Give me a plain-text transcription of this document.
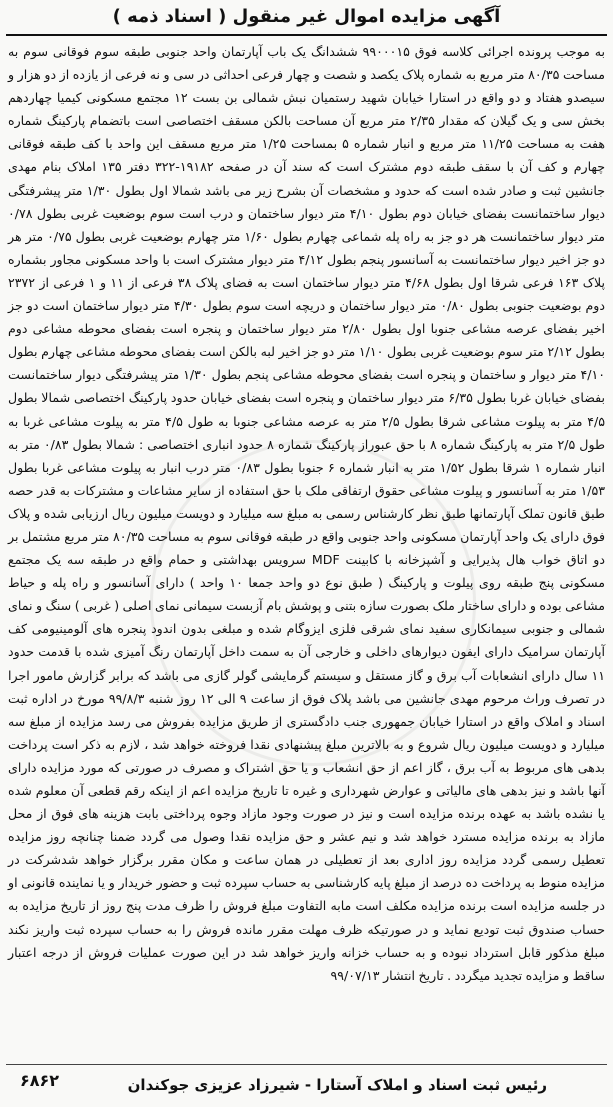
آگهی مزایده اموال غیر منقول ( اسناد ذمه )

به موجب پرونده اجرائی کلاسه فوق ۹۹۰۰۰۱۵ ششدانگ یک باب آپارتمان واحد جنوبی طبقه سوم فوقانی سوم به مساحت ۸۰/۳۵ متر مربع به شماره پلاک یکصد و شصت و چهار فرعی احداثی در سی و نه فرعی از یازده از دو هزار و سیصدو هفتاد و دو واقع در استارا خیابان شهید رستمیان نبش شمالی بن بست ۱۲ مجتمع مسکونی کیمیا چهاردهم بخش سی و یک گیلان که مقدار ۲/۳۵ متر مربع آن مساحت بالکن مسقف اختصاصی است باتضمام پارکینگ شماره هفت به مساحت ۱۱/۲۵ متر مربع و انبار شماره ۵ بمساحت ۱/۲۵ متر مربع مسقف این واحد با کف طبقه فوقانی چهارم و کف آن با سقف طبقه دوم مشترک است که سند آن در صفحه ۱۹۱۸۲-۳۲۲ دفتر ۱۳۵ املاک بنام مهدی جانشین ثبت و صادر شده است که حدود و مشخصات آن بشرح زیر می باشد شمالا اول بطول ۱/۳۰ متر پیشرفتگی دیوار ساختمانست بفضای خیابان دوم بطول ۴/۱۰ متر دیوار ساختمان و درب است سوم بوضعیت غربی بطول ۰/۷۸ متر دیوار ساختمانست هر دو جز به راه پله شماعی چهارم بطول ۱/۶۰ متر چهارم بوضعیت غربی بطول ۰/۷۵ متر هر دو جز اخیر دیوار ساختمانست به آسانسور پنجم بطول ۴/۱۲ متر دیوار مشترک است با واحد مسکونی مجاور بشماره پلاک ۱۶۳ فرعی شرقا اول بطول ۴/۶۸ متر دیوار ساختمان است به فضای پلاک ۳۸ فرعی از ۱۱ و ۱ فرعی از ۲۳۷۲ دوم بوضعیت جنوبی بطول ۰/۸۰ متر دیوار ساختمان و دریچه است سوم بطول ۴/۳۰ متر دیوار ساختمان است دو جز اخیر بفضای عرصه مشاعی جنوبا اول بطول ۲/۸۰ متر دیوار ساختمان و پنجره است بفضای محوطه مشاعی دوم بطول ۲/۱۲ متر سوم بوضعیت غربی بطول ۱/۱۰ متر دو جز اخیر لبه بالکن است بفضای محوطه مشاعی چهارم بطول ۴/۱۰ متر دیوار و ساختمان و پنجره است بفضای محوطه مشاعی پنجم بطول ۱/۳۰ متر پیشرفتگی دیوار ساختمانست بفضای خیابان غربا بطول ۶/۳۵ متر دیوار ساختمان و پنجره است بفضای خیابان حدود پارکینگ اختصاصی شمالا بطول ۴/۵ متر به پیلوت مشاعی شرقا بطول ۲/۵ متر به عرصه مشاعی جنوبا به طول ۴/۵ متر به پیلوت مشاعی غربا به طول ۲/۵ متر به پارکینگ شماره ۸ با حق عبوراز پارکینگ شماره ۸ حدود انباری اختصاصی : شمالا بطول ۰/۸۳ متر به انبار شماره ۱ شرقا بطول ۱/۵۲ متر به انبار شماره ۶ جنوبا بطول ۰/۸۳ متر درب انبار به پیلوت مشاعی غربا بطول ۱/۵۳ متر به آسانسور و پیلوت مشاعی حقوق ارتفاقی ملک با حق استفاده از سایر مشاعات و مشترکات به قدر حصه طبق قانون تملک آپارتمانها طبق نظر کارشناس رسمی به مبلغ سه میلیارد و دویست میلیون ریال ارزیابی شده و پلاک فوق دارای یک واحد آپارتمان مسکونی واحد جنوبی واقع در طبقه فوقانی سوم به مساحت ۸۰/۳۵ متر مربع مشتمل بر دو اتاق خواب هال پذیرایی و آشپزخانه با کابینت MDF سرویس بهداشتی و حمام واقع در طبقه سه یک مجتمع مسکونی پنج طبقه روی پیلوت و پارکینگ ( طبق نوع دو واحد جمعا ۱۰ واحد ) دارای آسانسور و راه پله و حیاط مشاعی بوده و دارای ساختار ملک بصورت سازه بتنی و پوشش بام آزبست سیمانی نمای اصلی ( غربی ) سنگ و نمای شمالی و جنوبی سیمانکاری سفید نمای شرقی فلزی ایزوگام شده و مبلغی بدون اندود پنجره های آلومینیومی کف آپارتمان سرامیک دارای ایفون دیوارهای داخلی و خارجی آن به سمت داخل آپارتمان رنگ آمیزی شده با قدمت حدود ۱۱ سال دارای انشعابات آب برق و گاز مستقل و سیستم گرمایشی گولر گازی می باشد که برابر گزارش مامور اجرا در تصرف وراث مرحوم مهدی جانشین می باشد پلاک فوق از ساعت ۹ الی ۱۲ روز شنبه ۹۹/۸/۳ مورخ در اداره ثبت اسناد و املاک واقع در استارا خیابان جمهوری جنب دادگستری از طریق مزایده بفروش می رسد مزایده از مبلغ سه میلیارد و دویست میلیون ریال شروع و به بالاترین مبلغ پیشنهادی نقدا فروخته خواهد شد ، لازم به ذکر است پرداخت بدهی های مربوط به آب برق ، گاز اعم از حق انشعاب و یا حق اشتراک و مصرف در صورتی که مورد مزایده دارای آنها باشد و نیز بدهی های مالیاتی و عوارض شهرداری و غیره تا تاریخ مزایده اعم از اینکه رقم قطعی آن معلوم شده یا نشده باشد به عهده برنده مزایده است و نیز در صورت وجود مازاد وجوه پرداختی بابت هزینه های فوق از محل مازاد به برنده مزایده مسترد خواهد شد و نیم عشر و حق مزایده نقدا وصول می گردد ضمنا چنانچه روز مزایده تعطیل رسمی گردد مزایده روز اداری بعد از تعطیلی در همان ساعت و مکان مقرر برگزار خواهد شدشرکت در مزایده منوط به پرداخت ده درصد از مبلغ پایه کارشناسی به حساب سپرده ثبت و حضور خریدار و یا نماینده قانونی او در جلسه مزایده است برنده مزایده مکلف است مابه التفاوت مبلغ فروش را ظرف مدت پنج روز از تاریخ مزایده به حساب صندوق ثبت تودیع نماید و در صورتیکه ظرف مهلت مقرر مانده فروش را به حساب سپرده ثبت واریز نکند مبلغ مذکور قابل استرداد نبوده و به حساب خزانه واریز خواهد شد در این صورت عملیات فروش از درجه اعتبار ساقط و مزایده تجدید میگردد . تاریخ انتشار ۹۹/۰۷/۱۳

رئیس ثبت اسناد و املاک آستارا - شیرزاد عزیزی جوکندان
۶۸۶۲
